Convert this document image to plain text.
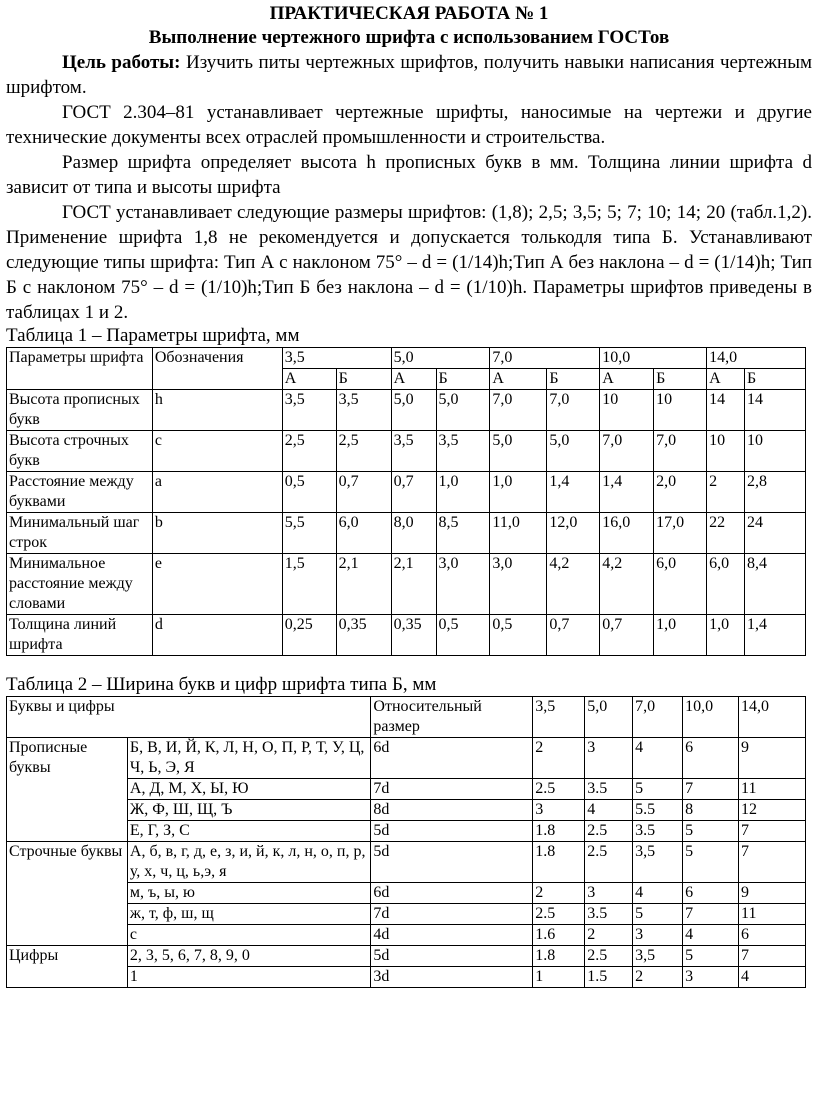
ПРАКТИЧЕСКАЯ РАБОТА № 1
Выполнение чертежного шрифта с использованием ГОСТов

Цель работы: Изучить питы чертежных шрифтов, получить навыки написания чертежным шрифтом.

ГОСТ 2.304–81 устанавливает чертежные шрифты, наносимые на чертежи и другие технические документы всех отраслей промышленности и строительства.

Размер шрифта определяет высота h прописных букв в мм. Толщина линии шрифта d зависит от типа и высоты шрифта

ГОСТ устанавливает следующие размеры шрифтов: (1,8); 2,5; 3,5; 5; 7; 10; 14; 20 (табл.1,2). Применение шрифта 1,8 не рекомендуется и допускается толькодля типа Б. Устанавливают следующие типы шрифта: Тип А с наклоном 75° – d = (1/14)h;Тип А без наклона – d = (1/14)h; Тип Б с наклоном 75° – d = (1/10)h;Тип Б без наклона – d = (1/10)h. Параметры шрифтов приведены в таблицах 1 и 2.

Таблица 1 – Параметры шрифта, мм
Параметры шрифта	Обозначения	3,5		5,0		7,0		10,0		14,0	
		А	Б	А	Б	А	Б	А	Б	А	Б
Высота прописных букв	h	3,5	3,5	5,0	5,0	7,0	7,0	10	10	14	14
Высота строчных букв	c	2,5	2,5	3,5	3,5	5,0	5,0	7,0	7,0	10	10
Расстояние между буквами	a	0,5	0,7	0,7	1,0	1,0	1,4	1,4	2,0	2	2,8
Минимальный шаг строк	b	5,5	6,0	8,0	8,5	11,0	12,0	16,0	17,0	22	24
Минимальное расстояние между словами	e	1,5	2,1	2,1	3,0	3,0	4,2	4,2	6,0	6,0	8,4
Толщина линий шрифта	d	0,25	0,35	0,35	0,5	0,5	0,7	0,7	1,0	1,0	1,4
Таблица 2 – Ширина букв и цифр шрифта типа Б, мм
Буквы и цифры		Относительный размер	3,5	5,0	7,0	10,0	14,0
Прописные буквы	Б, В, И, Й, К, Л, Н, О, П, Р, Т, У, Ц, Ч, Ь, Э, Я	6d	2	3	4	6	9
	А, Д, М, Х, Ы, Ю	7d	2.5	3.5	5	7	11
	Ж, Ф, Ш, Щ, Ъ	8d	3	4	5.5	8	12
	Е, Г, З, С	5d	1.8	2.5	3.5	5	7
Строчные буквы	А, б, в, г, д, е, з, и, й, к, л, н, о, п, р, у, х, ч, ц, ь,э, я	5d	1.8	2.5	3,5	5	7
	м, ъ, ы, ю	6d	2	3	4	6	9
	ж, т, ф, ш, щ	7d	2.5	3.5	5	7	11
	с	4d	1.6	2	3	4	6
Цифры	2, 3, 5, 6, 7, 8, 9, 0	5d	1.8	2.5	3,5	5	7
	1	3d	1	1.5	2	3	4
